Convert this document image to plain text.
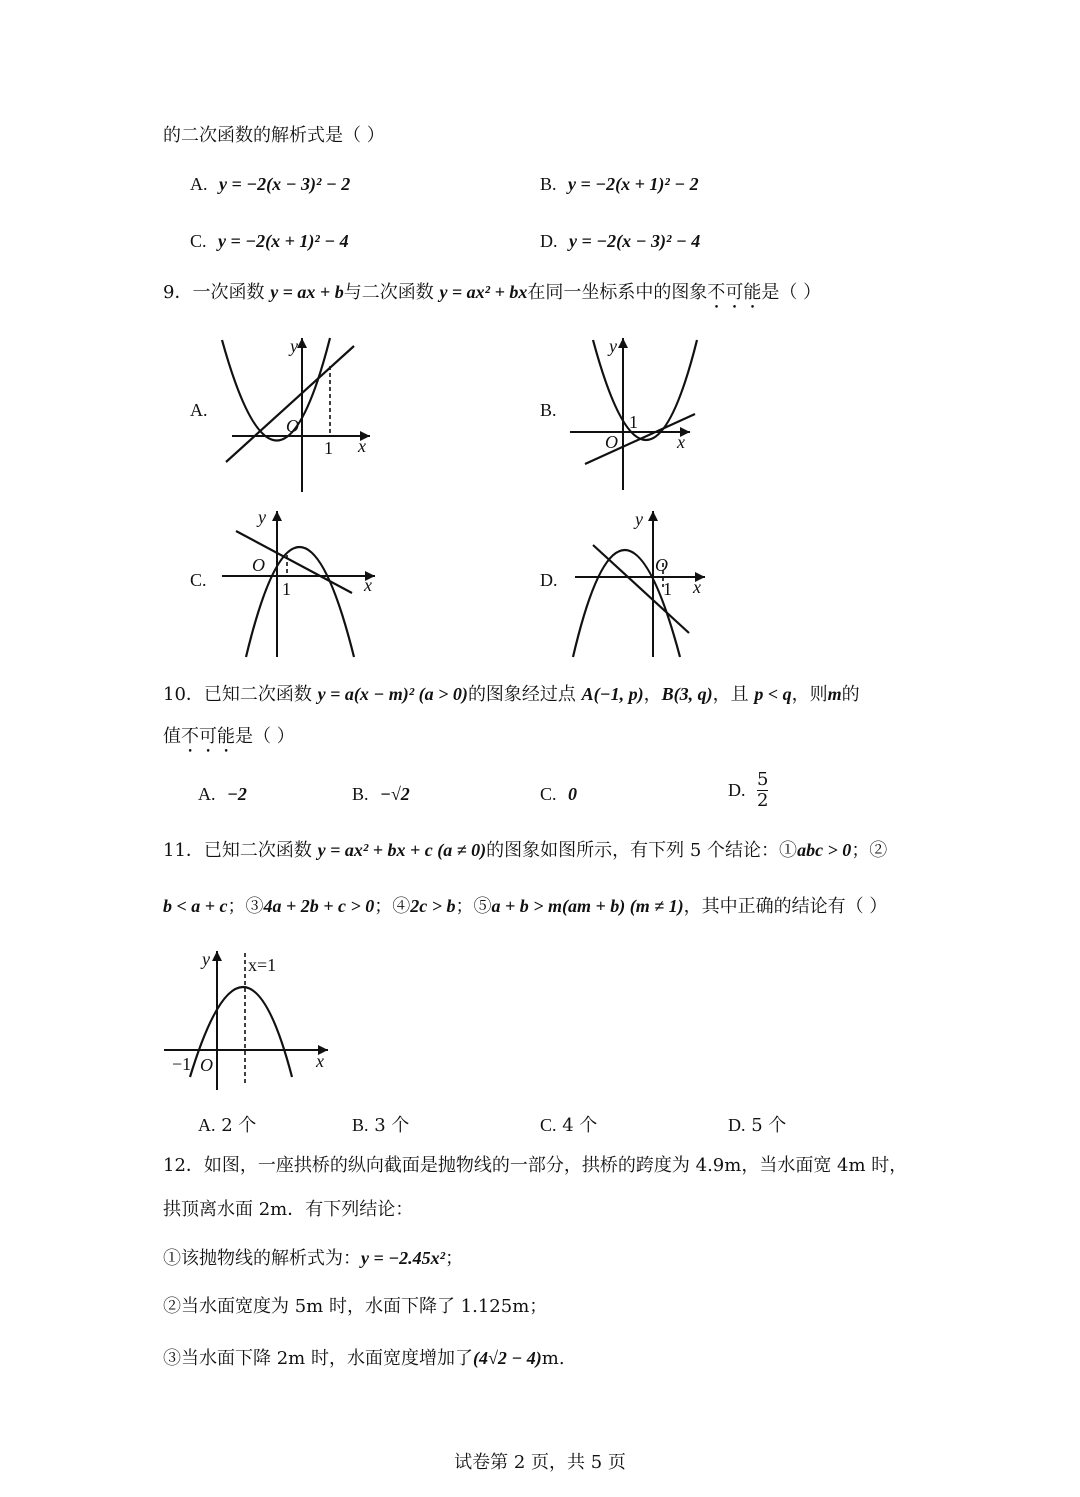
的二次函数的解析式是（ ）
A. y = −2(x − 3)² − 2	B. y = −2(x + 1)² − 2
C. y = −2(x + 1)² − 4	D. y = −2(x − 3)² − 4
9．一次函数 y = ax + b与二次函数 y = ax² + bx在同一坐标系中的图象不可能是（ ）
A.	B.
C.	D.
O
y
x
1	O
y
x
1
O
y
x
1
O
y
x
1
10．已知二次函数 y = a(x − m)² (a > 0)的图象经过点 A(−1, p)，B(3, q)，且 p < q，则m的
值不可能是（ ）
A. −2	B. −√2	C. 0	D. $\frac{5}{2}$
11．已知二次函数 y = ax² + bx + c (a ≠ 0)的图象如图所示，有下列 5 个结论：①abc > 0；②
b < a + c；③4a + 2b + c > 0；④2c > b；⑤a + b > m(am + b) (m ≠ 1)，其中正确的结论有（ ）
y x=1
−1 O	x
A. 2 个	B. 3 个	C. 4 个	D. 5 个
12．如图，一座拱桥的纵向截面是抛物线的一部分，拱桥的跨度为 4.9m，当水面宽 4m 时，
拱顶离水面 2m．有下列结论：
①该抛物线的解析式为：y = −2.45x²；
②当水面宽度为 5m 时，水面下降了 1.125m；
③当水面下降 2m 时，水面宽度增加了(4√2 − 4)m.
试卷第 2 页，共 5 页
